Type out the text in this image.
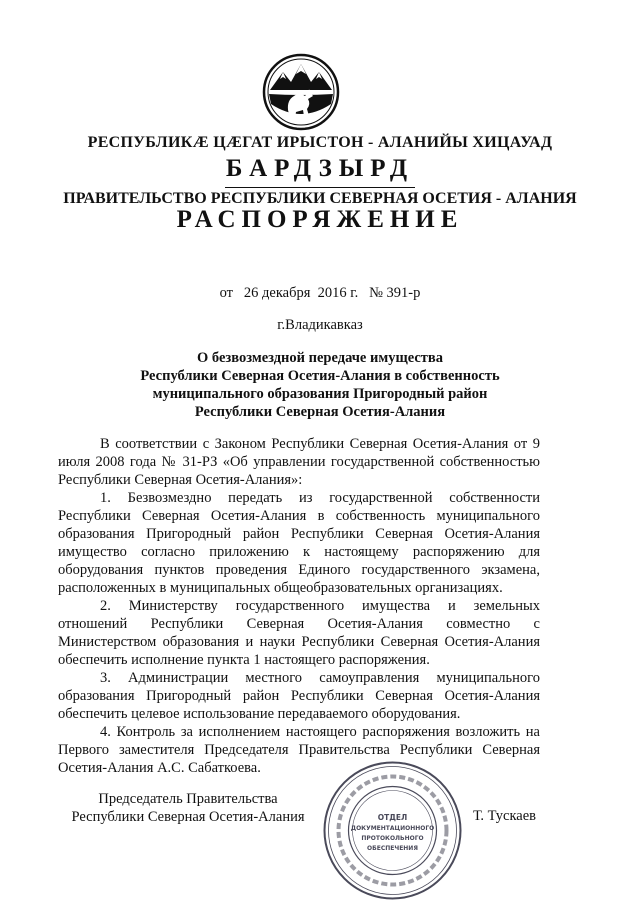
РЕСПУБЛИКӔ ЦӔГАТ ИРЫСТОН - АЛАНИЙЫ ХИЦАУАД
БАРДЗЫРД
ПРАВИТЕЛЬСТВО РЕСПУБЛИКИ СЕВЕРНАЯ ОСЕТИЯ - АЛАНИЯ
РАСПОРЯЖЕНИЕ
от   26 декабря  2016 г.   № 391-р
г.Владикавказ
О безвозмездной передаче имущества
Республики Северная Осетия-Алания в собственность
муниципального образования Пригородный район
Республики Северная Осетия-Алания

В соответствии с Законом Республики Северная Осетия-Алания от 9 июля 2008 года № 31-РЗ «Об управлении государственной собственностью Республики Северная Осетия-Алания»:

1. Безвозмездно передать из государственной собственности Республики Северная Осетия-Алания в собственность муниципального образования Пригородный район Республики Северная Осетия-Алания имущество согласно приложению к настоящему распоряжению для оборудования пунктов проведения Единого государственного экзамена, расположенных в муниципальных общеобразовательных организациях.

2. Министерству государственного имущества и земельных отношений Республики Северная Осетия-Алания совместно с Министерством образования и науки Республики Северная Осетия-Алания обеспечить исполнение пункта 1 настоящего распоряжения.

3. Администрации местного самоуправления муниципального образования Пригородный район Республики Северная Осетия-Алания обеспечить целевое использование передаваемого оборудования.

4. Контроль за исполнением настоящего распоряжения возложить на Первого заместителя Председателя Правительства Республики Северная Осетия-Алания А.С. Сабаткоева.

Председатель Правительства
Республики Северная Осетия-Алания	ОТДЕЛ
ДОКУМЕНТАЦИОННОГО
ПРОТОКОЛЬНОГО
ОБЕСПЕЧЕНИЯ
Т. Тускаев
